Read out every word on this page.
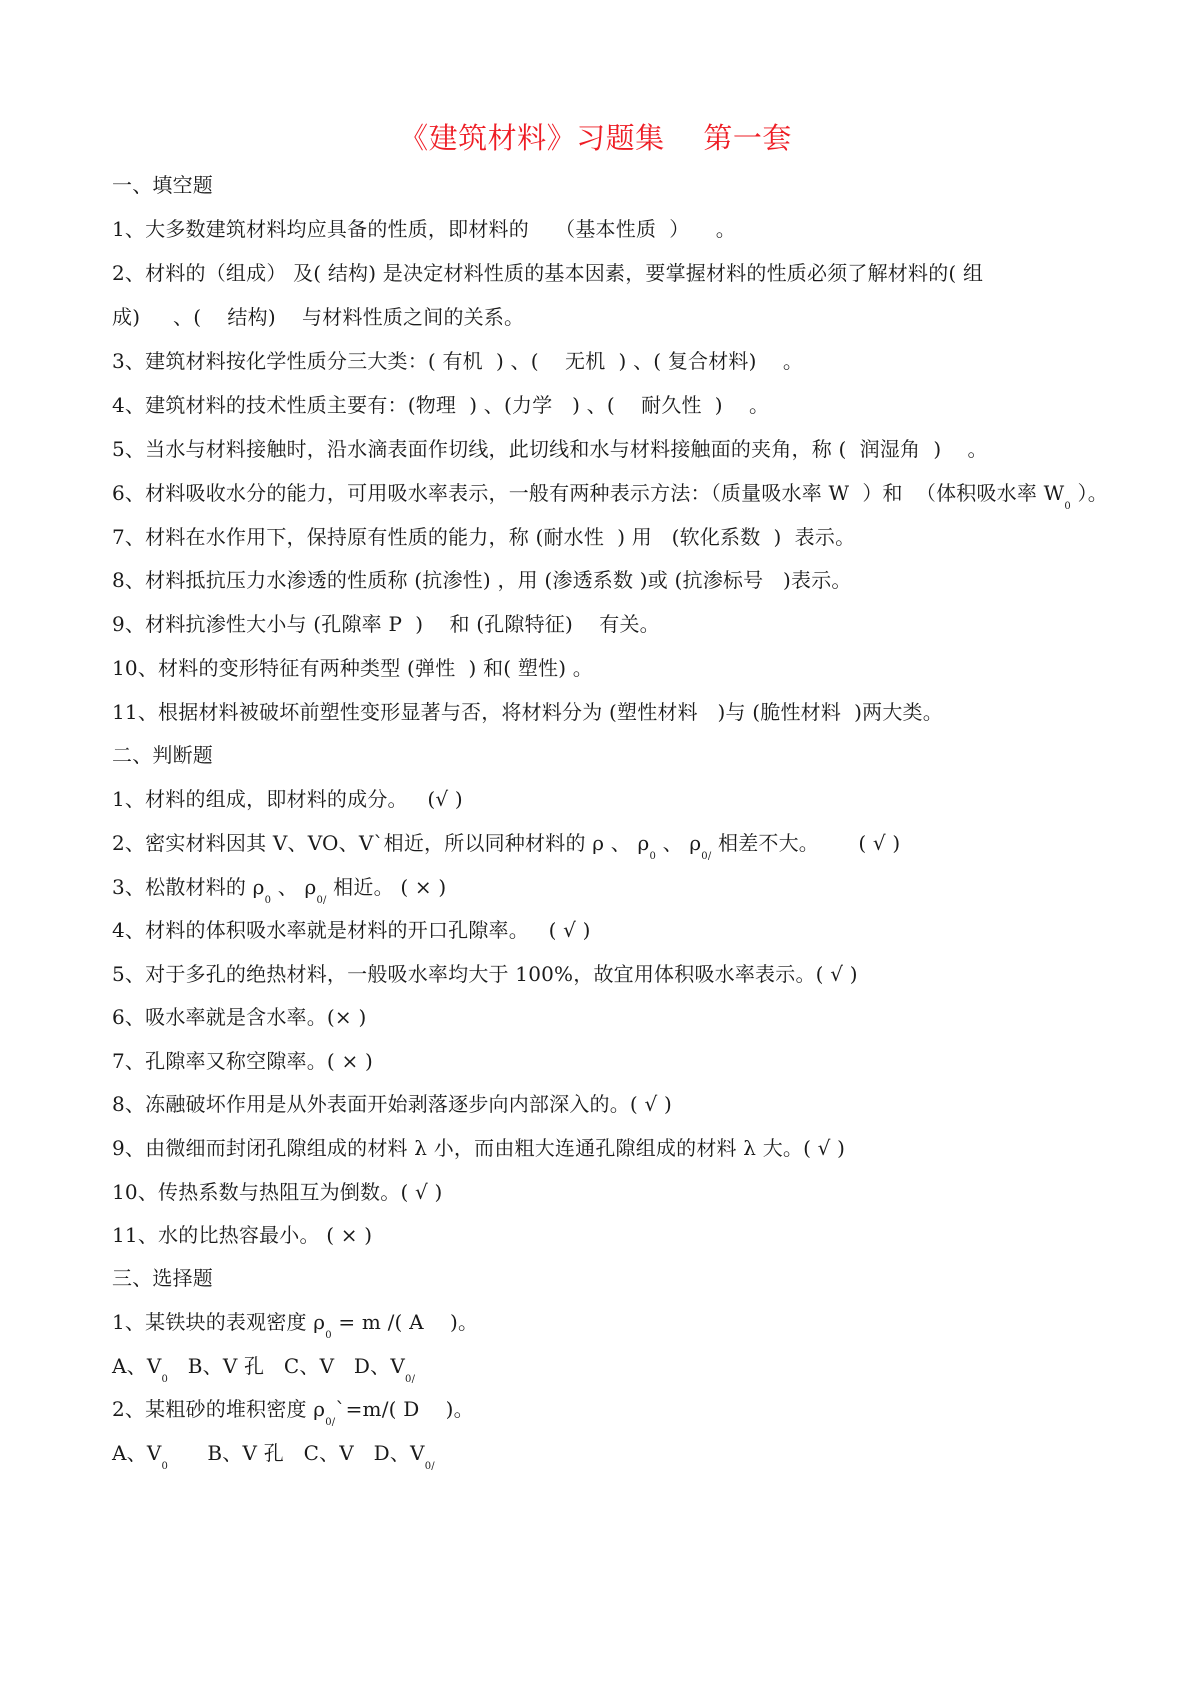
《建筑材料》习题集    第一套
一、填空题
1、大多数建筑材料均应具备的性质，即材料的    （基本性质  ）    。
2、材料的（组成） 及( 结构) 是决定材料性质的基本因素，要掌握材料的性质必须了解材料的( 组
成)     、(    结构)    与材料性质之间的关系。
3、建筑材料按化学性质分三大类：( 有机  ) 、(    无机  ) 、( 复合材料)    。
4、建筑材料的技术性质主要有：(物理  ) 、(力学   ) 、(    耐久性  )    。
5、当水与材料接触时，沿水滴表面作切线，此切线和水与材料接触面的夹角，称 (  润湿角  )    。
6、材料吸收水分的能力，可用吸水率表示，一般有两种表示方法：（质量吸水率 W  ）和  （体积吸水率 $W_0$ ）。
7、材料在水作用下，保持原有性质的能力，称 (耐水性  ) 用   (软化系数  )  表示。
8、材料抵抗压力水渗透的性质称 (抗渗性) ，用 (渗透系数 )或 (抗渗标号   )表示。
9、材料抗渗性大小与 (孔隙率 P  )    和 (孔隙特征)    有关。
10、材料的变形特征有两种类型 (弹性  ) 和( 塑性) 。
11、根据材料被破坏前塑性变形显著与否，将材料分为 (塑性材料   )与 (脆性材料  )两大类。
二、判断题
1、材料的组成，即材料的成分。   (√ )
2、密实材料因其 V、VO、V`相近，所以同种材料的 ρ 、 $\rho_0$ 、 $\rho_{0/}$ 相差不大。      ( √ )
3、松散材料的 $\rho_0$ 、 $\rho_{0/}$ 相近。 ( × )
4、材料的体积吸水率就是材料的开口孔隙率。   ( √ )
5、对于多孔的绝热材料，一般吸水率均大于 100%，故宜用体积吸水率表示。( √ )
6、吸水率就是含水率。(× )
7、孔隙率又称空隙率。( × )
8、冻融破坏作用是从外表面开始剥落逐步向内部深入的。( √ )
9、由微细而封闭孔隙组成的材料 λ 小，而由粗大连通孔隙组成的材料 λ 大。( √ )
10、传热系数与热阻互为倒数。( √ )
11、水的比热容最小。 ( × )
三、选择题
1、某铁块的表观密度 $\rho_0 = m$ /( A    )。
A、$V_0$   B、V 孔   C、V   D、$V_{0/}$
2、某粗砂的堆积密度 $\rho_{0/}`=m/$( D    )。
A、$V_0$      B、V 孔   C、V   D、$V_{0/}$
